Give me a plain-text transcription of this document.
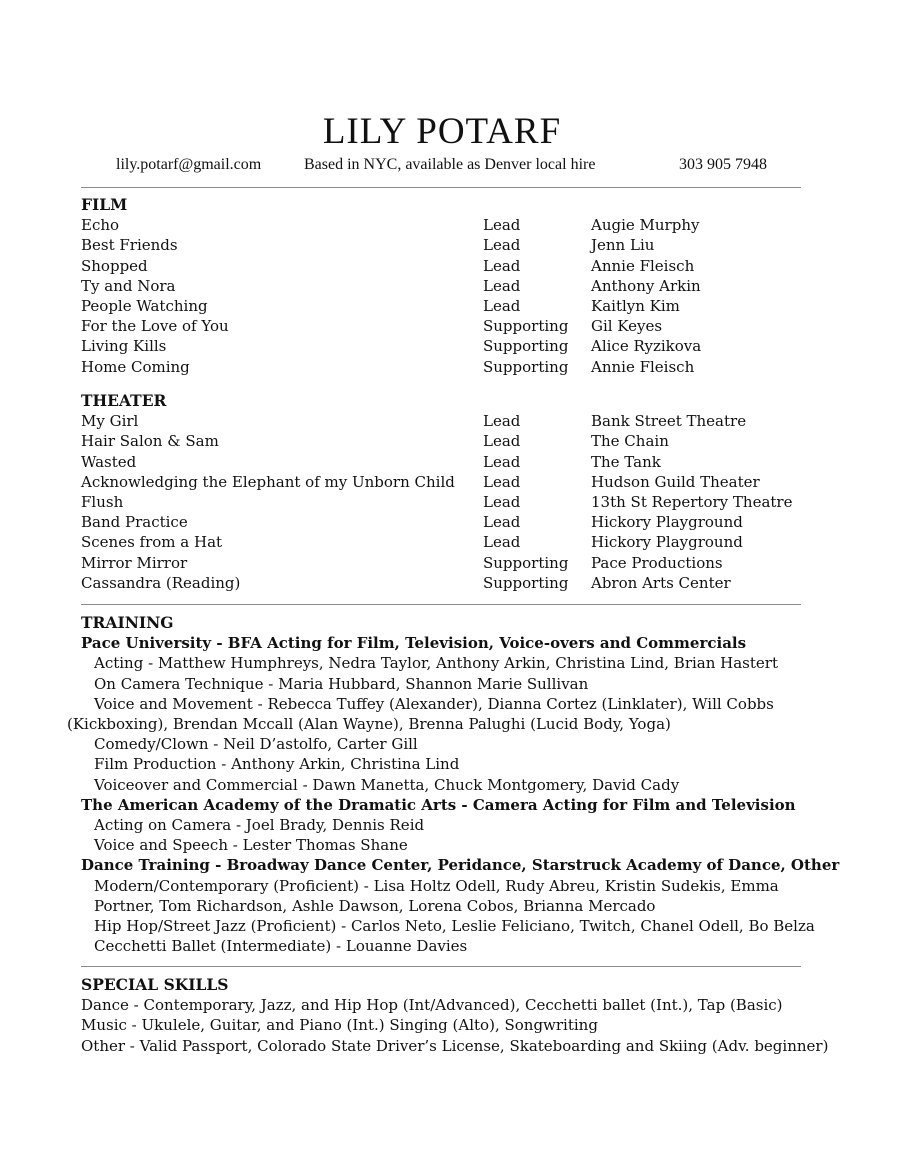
LILY POTARF
lily.potarf@gmail.com	Based in NYC, available as Denver local hire	303 905 7948
FILM
Echo	Lead	Augie Murphy
Best Friends	Lead	Jenn Liu
Shopped	Lead	Annie Fleisch
Ty and Nora	Lead	Anthony Arkin
People Watching	Lead	Kaitlyn Kim
For the Love of You	Supporting Gil Keyes
Living Kills	Supporting Alice Ryzikova
Home Coming	Supporting Annie Fleisch
THEATER
My Girl	Lead	Bank Street Theatre
Hair Salon & Sam	Lead	The Chain
Wasted	Lead	The Tank
Acknowledging the Elephant of my Unborn Child Lead	Hudson Guild Theater
Flush	Lead	13th St Repertory Theatre
Band Practice	Lead	Hickory Playground
Scenes from a Hat	Lead	Hickory Playground
Mirror Mirror	Supporting Pace Productions
Cassandra (Reading)	Supporting Abron Arts Center
TRAINING
Pace University - BFA Acting for Film, Television, Voice-overs and Commercials
Acting - Matthew Humphreys, Nedra Taylor, Anthony Arkin, Christina Lind, Brian Hastert
On Camera Technique - Maria Hubbard, Shannon Marie Sullivan
Voice and Movement - Rebecca Tuffey (Alexander), Dianna Cortez (Linklater), Will Cobbs
(Kickboxing), Brendan Mccall (Alan Wayne), Brenna Palughi (Lucid Body, Yoga)
Comedy/Clown - Neil D’astolfo, Carter Gill
Film Production - Anthony Arkin, Christina Lind
Voiceover and Commercial - Dawn Manetta, Chuck Montgomery, David Cady
The American Academy of the Dramatic Arts - Camera Acting for Film and Television
Acting on Camera - Joel Brady, Dennis Reid
Voice and Speech - Lester Thomas Shane
Dance Training - Broadway Dance Center, Peridance, Starstruck Academy of Dance, Other
Modern/Contemporary (Proficient) - Lisa Holtz Odell, Rudy Abreu, Kristin Sudekis, Emma
Portner, Tom Richardson, Ashle Dawson, Lorena Cobos, Brianna Mercado
Hip Hop/Street Jazz (Proficient) - Carlos Neto, Leslie Feliciano, Twitch, Chanel Odell, Bo Belza
Cecchetti Ballet (Intermediate) - Louanne Davies
SPECIAL SKILLS
Dance - Contemporary, Jazz, and Hip Hop (Int/Advanced), Cecchetti ballet (Int.), Tap (Basic)
Music - Ukulele, Guitar, and Piano (Int.) Singing (Alto), Songwriting
Other - Valid Passport, Colorado State Driver’s License, Skateboarding and Skiing (Adv. beginner)
